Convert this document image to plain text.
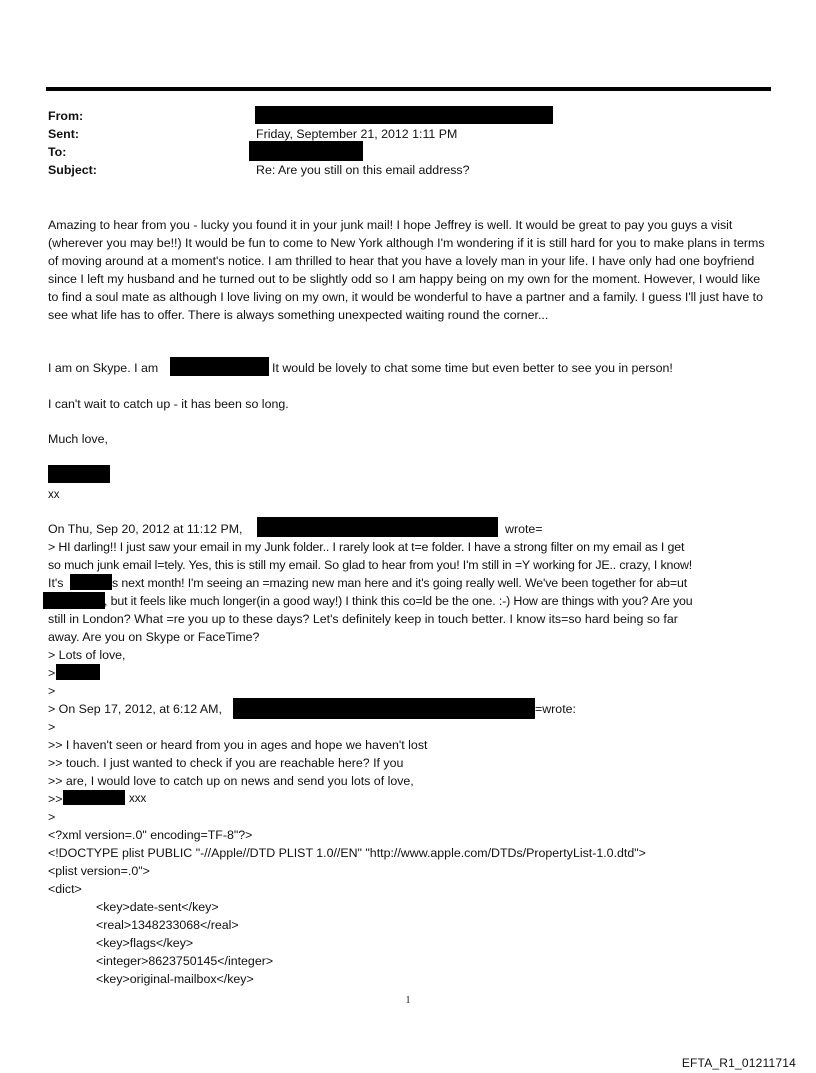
From:
Sent:	Friday, September 21, 2012 1:11 PM
To:
Subject:	Re: Are you still on this email address?

Amazing to hear from you - lucky you found it in your junk mail! I hope Jeffrey is well. It would be great to pay you guys a visit (wherever you may be!!) It would be fun to come to New York although I'm wondering if it is still hard for you to make plans in terms of moving around at a moment's notice. I am thrilled to hear that you have a lovely man in your life. I have only had one boyfriend since I left my husband and he turned out to be slightly odd so I am happy being on my own for the moment. However, I would like to find a soul mate as although I love living on my own, it would be wonderful to have a partner and a family. I guess I'll just have to see what life has to offer. There is always something unexpected waiting round the corner...

I am on Skype. I am	It would be lovely to chat some time but even better to see you in person!
I can't wait to catch up - it has been so long.
Much love,
xx
On Thu, Sep 20, 2012 at 11:12 PM,	wrote=
> HI darling!! I just saw your email in my Junk folder.. I rarely look at t=e folder. I have a strong filter on my email as I get
so much junk email l=tely. Yes, this is still my email. So glad to hear from you! I'm still in =Y working for JE.. crazy, I know!
It's	s next month! I'm seeing an =mazing new man here and it's going really well. We've been together for ab=ut
, but it feels like much longer(in a good way!) I think this co=ld be the one. :-) How are things with you? Are you
still in London? What =re you up to these days? Let's definitely keep in touch better. I know its=so hard being so far
away. Are you on Skype or FaceTime?
> Lots of love,
>
>
> On Sep 17, 2012, at 6:12 AM,	=wrote:
>
>> I haven't seen or heard from you in ages and hope we haven't lost
>> touch. I just wanted to check if you are reachable here? If you
>> are, I would love to catch up on news and send you lots of love,
>>	xxx
>
<?xml version=.0" encoding=TF-8"?>
<!DOCTYPE plist PUBLIC "-//Apple//DTD PLIST 1.0//EN" "http://www.apple.com/DTDs/PropertyList-1.0.dtd">
<plist version=.0">
<dict>
<key>date-sent</key>
<real>1348233068</real>
<key>flags</key>
<integer>8623750145</integer>
<key>original-mailbox</key>
1
EFTA_R1_01211714
